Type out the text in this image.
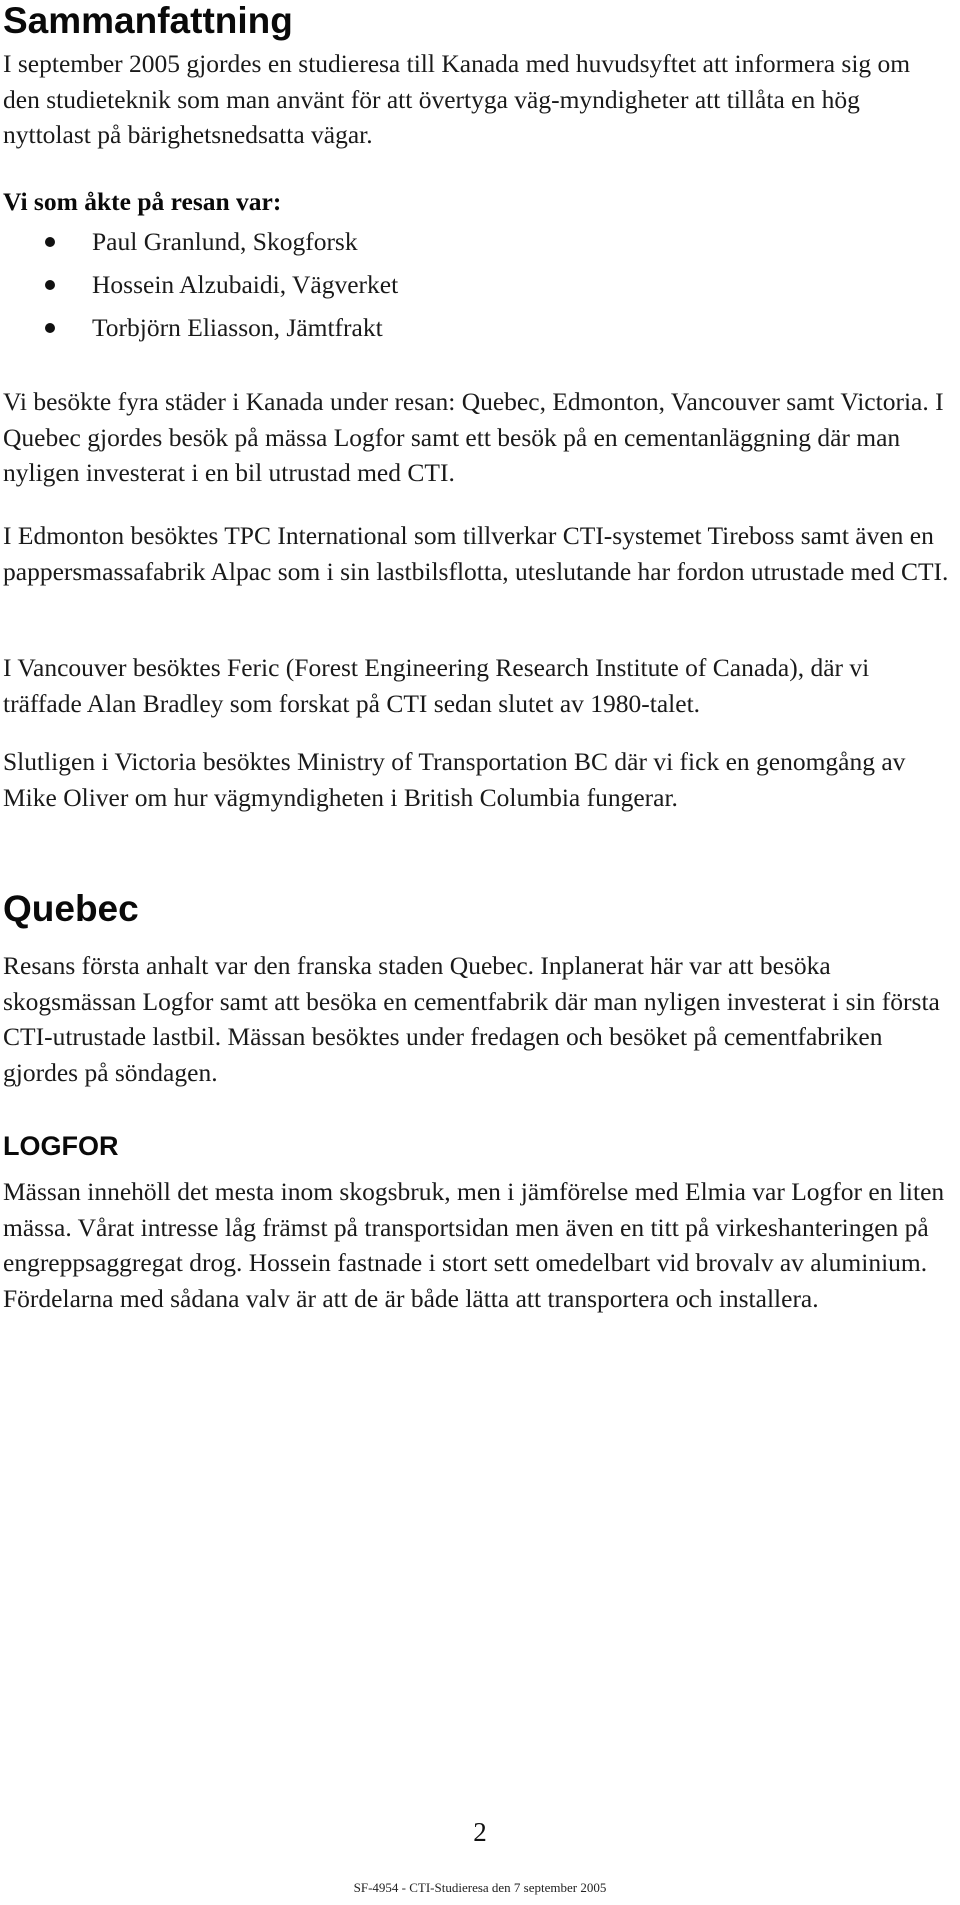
Sammanfattning

I september 2005 gjordes en studieresa till Kanada med huvudsyftet att informera sig om den studieteknik som man använt för att övertyga väg-myndigheter att tillåta en hög nyttolast på bärighetsnedsatta vägar.

Vi som åkte på resan var:

Paul Granlund, Skogforsk
Hossein Alzubaidi, Vägverket
Torbjörn Eliasson, Jämtfrakt

Vi besökte fyra städer i Kanada under resan: Quebec, Edmonton, Vancouver samt Victoria. I Quebec gjordes besök på mässa Logfor samt ett besök på en cementanläggning där man nyligen investerat i en bil utrustad med CTI.

I Edmonton besöktes TPC International som tillverkar CTI-systemet Tireboss samt även en pappersmassafabrik Alpac som i sin lastbilsflotta, uteslutande har fordon utrustade med CTI.

I Vancouver besöktes Feric (Forest Engineering Research Institute of Canada), där vi träffade Alan Bradley som forskat på CTI sedan slutet av 1980-talet.

Slutligen i Victoria besöktes Ministry of Transportation BC där vi fick en genomgång av Mike Oliver om hur vägmyndigheten i British Columbia fungerar.

Quebec

Resans första anhalt var den franska staden Quebec. Inplanerat här var att besöka skogsmässan Logfor samt att besöka en cementfabrik där man nyligen investerat i sin första CTI-utrustade lastbil. Mässan besöktes under fredagen och besöket på cementfabriken gjordes på söndagen.

LOGFOR

Mässan innehöll det mesta inom skogsbruk, men i jämförelse med Elmia var Logfor en liten mässa. Vårat intresse låg främst på transportsidan men även en titt på virkeshanteringen på engreppsaggregat drog. Hossein fastnade i stort sett omedelbart vid brovalv av aluminium. Fördelarna med sådana valv är att de är både lätta att transportera och installera.

2
SF-4954 - CTI-Studieresa den 7 september 2005
